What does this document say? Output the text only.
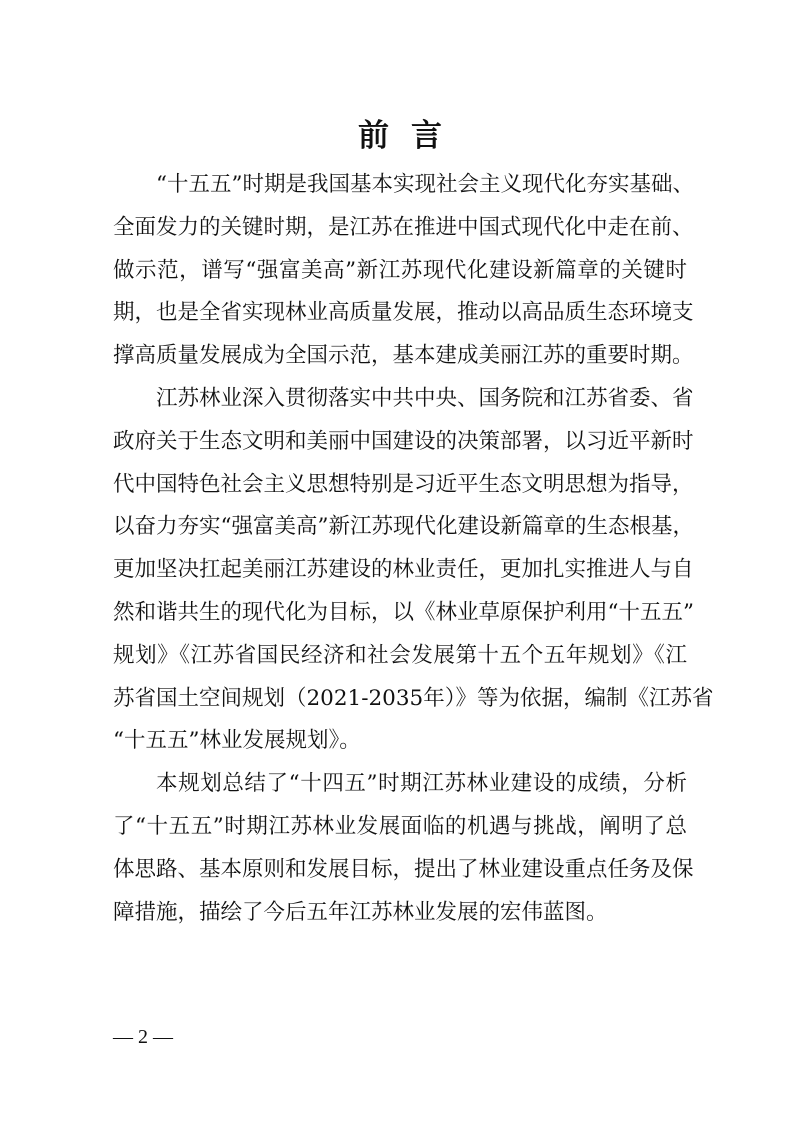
前言
“十五五”时期是我国基本实现社会主义现代化夯实基础、
全面发力的关键时期，是江苏在推进中国式现代化中走在前、
做示范，谱写“强富美高”新江苏现代化建设新篇章的关键时
期，也是全省实现林业高质量发展，推动以高品质生态环境支
撑高质量发展成为全国示范，基本建成美丽江苏的重要时期。
江苏林业深入贯彻落实中共中央、国务院和江苏省委、省
政府关于生态文明和美丽中国建设的决策部署，以习近平新时
代中国特色社会主义思想特别是习近平生态文明思想为指导，
以奋力夯实“强富美高”新江苏现代化建设新篇章的生态根基，
更加坚决扛起美丽江苏建设的林业责任，更加扎实推进人与自
然和谐共生的现代化为目标，以《林业草原保护利用“十五五”
规划》《江苏省国民经济和社会发展第十五个五年规划》《江
苏省国土空间规划（2021-2035年）》等为依据，编制《江苏省
“十五五”林业发展规划》。
本规划总结了“十四五”时期江苏林业建设的成绩，分析
了“十五五”时期江苏林业发展面临的机遇与挑战，阐明了总
体思路、基本原则和发展目标，提出了林业建设重点任务及保
障措施，描绘了今后五年江苏林业发展的宏伟蓝图。
— 2 —
